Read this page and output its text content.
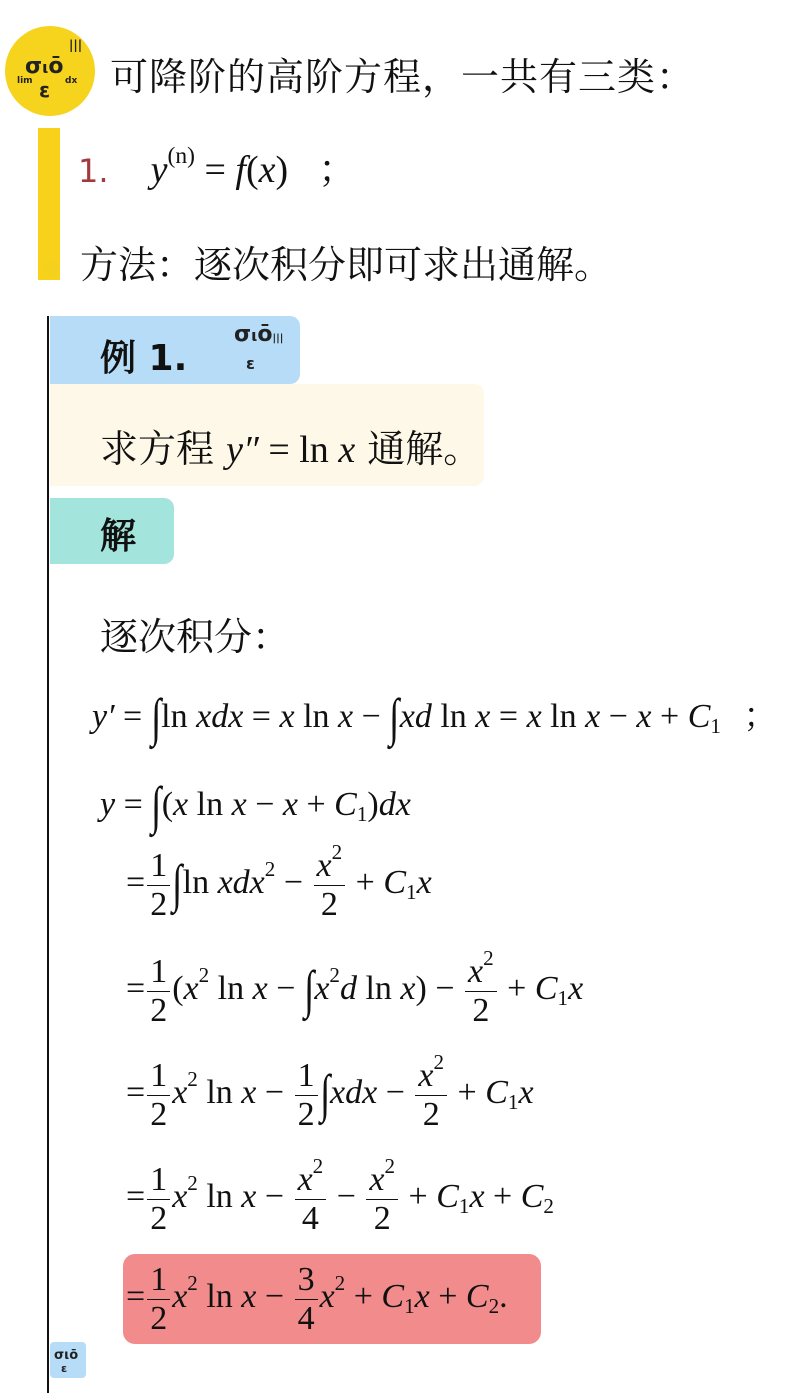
σιō
ε
lim	dx
|||
可降阶的高阶方程，一共有三类：
1. $y^{(n)} = f(x)$ ；
方法：逐次积分即可求出通解。
例 1.
σιō|||
ε
求方程 y″ = ln x 通解。
解
逐次积分：
y′ = ∫ln xdx = x ln x − ∫xd ln x = x $\ln x - x + C_1$ ；
y = ∫(x $\ln x - x + C_1)dx$
= $\frac{1}{2} \int\ln$ $xdx^2 - \frac{x^2}{2} + C_1x$
= $\frac{1}{2} (x^2$ $\ln x - \int x^2d$ $\ln x) - \frac{x^2}{2} + C_1x$
= $\frac{1}{2} x^2$ $\ln x - \frac{1}{2} \int xdx - \frac{x^2}{2} + C_1x$
= $\frac{1}{2} x^2$ $\ln x - \frac{x^2}{4} - \frac{x^2}{2} + C_1x + C_2$
= $\frac{1}{2} x^2$ $\ln x - \frac{3}{4} x^2 + C_1x + C_2$.
σιō
ε
